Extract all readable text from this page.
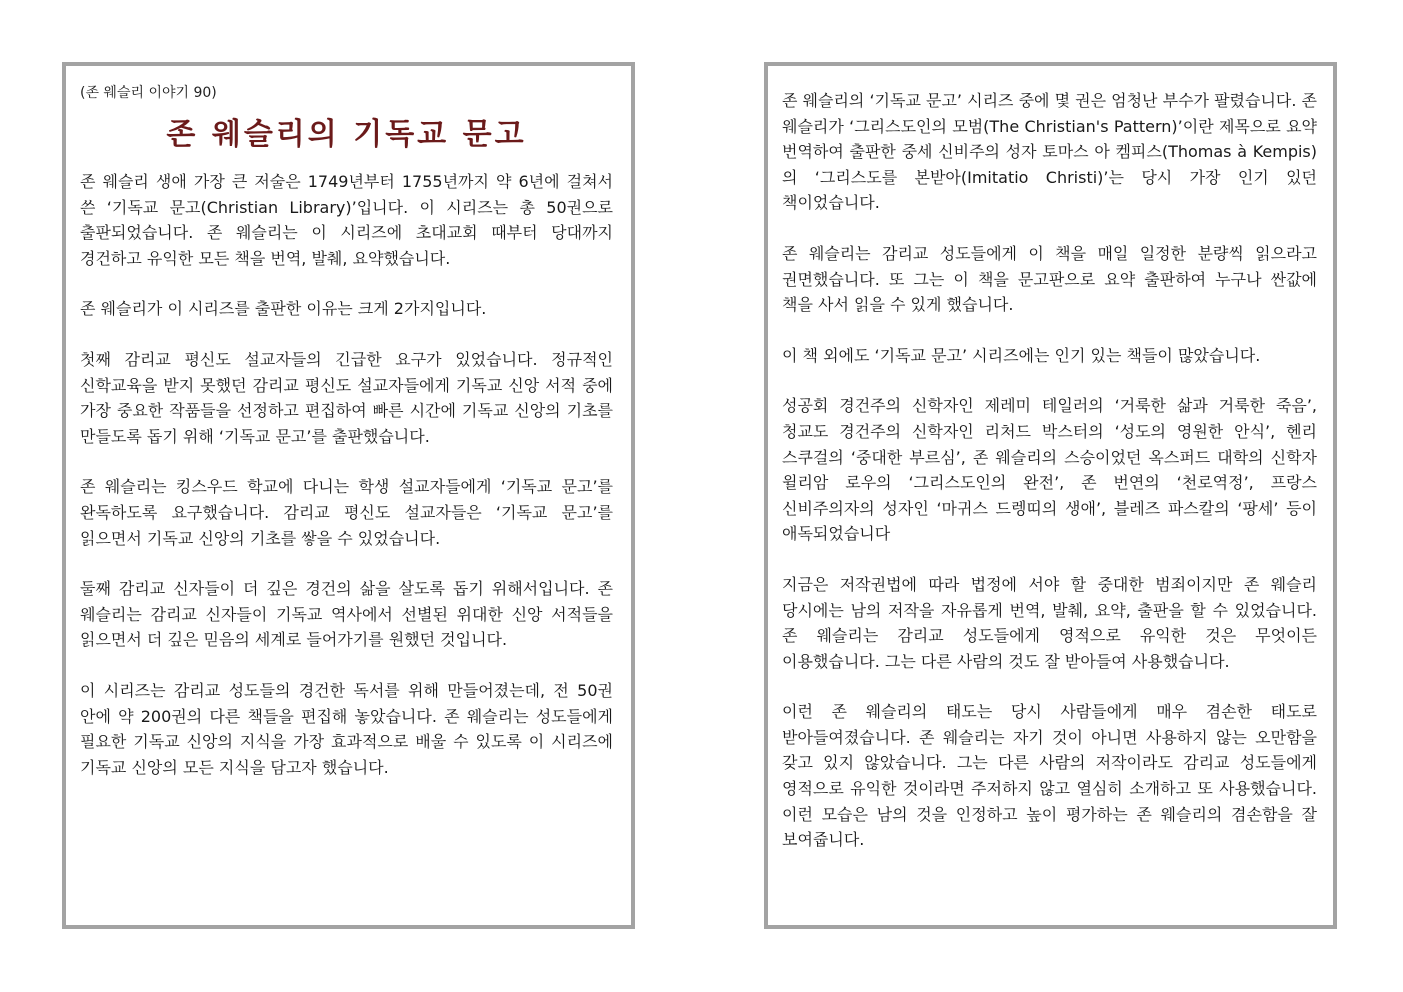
(존 웨슬리 이야기 90)
존 웨슬리의 기독교 문고

존 웨슬리 생애 가장 큰 저술은 1749년부터 1755년까지 약 6년에 걸쳐서 쓴 ‘기독교 문고(Christian Library)’입니다. 이 시리즈는 총 50권으로 출판되었습니다. 존 웨슬리는 이 시리즈에 초대교회 때부터 당대까지 경건하고 유익한 모든 책을 번역, 발췌, 요약했습니다.

존 웨슬리가 이 시리즈를 출판한 이유는 크게 2가지입니다.

첫째 감리교 평신도 설교자들의 긴급한 요구가 있었습니다. 정규적인 신학교육을 받지 못했던 감리교 평신도 설교자들에게 기독교 신앙 서적 중에 가장 중요한 작품들을 선정하고 편집하여 빠른 시간에 기독교 신앙의 기초를 만들도록 돕기 위해 ‘기독교 문고’를 출판했습니다.

존 웨슬리는 킹스우드 학교에 다니는 학생 설교자들에게 ‘기독교 문고’를 완독하도록 요구했습니다. 감리교 평신도 설교자들은 ‘기독교 문고’를 읽으면서 기독교 신앙의 기초를 쌓을 수 있었습니다.

둘째 감리교 신자들이 더 깊은 경건의 삶을 살도록 돕기 위해서입니다. 존 웨슬리는 감리교 신자들이 기독교 역사에서 선별된 위대한 신앙 서적들을 읽으면서 더 깊은 믿음의 세계로 들어가기를 원했던 것입니다.

이 시리즈는 감리교 성도들의 경건한 독서를 위해 만들어졌는데, 전 50권 안에 약 200권의 다른 책들을 편집해 놓았습니다. 존 웨슬리는 성도들에게 필요한 기독교 신앙의 지식을 가장 효과적으로 배울 수 있도록 이 시리즈에 기독교 신앙의 모든 지식을 담고자 했습니다.

존 웨슬리의 ‘기독교 문고’ 시리즈 중에 몇 권은 엄청난 부수가 팔렸습니다. 존 웨슬리가 ‘그리스도인의 모범(The Christian's Pattern)’이란 제목으로 요약 번역하여 출판한 중세 신비주의 성자 토마스 아 켐피스(Thomas à Kempis)의 ‘그리스도를 본받아(Imitatio Christi)’는 당시 가장 인기 있던 책이었습니다.

존 웨슬리는 감리교 성도들에게 이 책을 매일 일정한 분량씩 읽으라고 권면했습니다. 또 그는 이 책을 문고판으로 요약 출판하여 누구나 싼값에 책을 사서 읽을 수 있게 했습니다.

이 책 외에도 ‘기독교 문고’ 시리즈에는 인기 있는 책들이 많았습니다.

성공회 경건주의 신학자인 제레미 테일러의 ‘거룩한 삶과 거룩한 죽음’, 청교도 경건주의 신학자인 리처드 박스터의 ‘성도의 영원한 안식’, 헨리 스쿠걸의 ‘중대한 부르심’, 존 웨슬리의 스승이었던 옥스퍼드 대학의 신학자 윌리암 로우의 ‘그리스도인의 완전’, 존 번연의 ‘천로역정’, 프랑스 신비주의자의 성자인 ‘마귀스 드렝띠의 생애’, 블레즈 파스칼의 ‘팡세’ 등이 애독되었습니다

지금은 저작권법에 따라 법정에 서야 할 중대한 범죄이지만 존 웨슬리 당시에는 남의 저작을 자유롭게 번역, 발췌, 요약, 출판을 할 수 있었습니다. 존 웨슬리는 감리교 성도들에게 영적으로 유익한 것은 무엇이든 이용했습니다. 그는 다른 사람의 것도 잘 받아들여 사용했습니다.

이런 존 웨슬리의 태도는 당시 사람들에게 매우 겸손한 태도로 받아들여졌습니다. 존 웨슬리는 자기 것이 아니면 사용하지 않는 오만함을 갖고 있지 않았습니다. 그는 다른 사람의 저작이라도 감리교 성도들에게 영적으로 유익한 것이라면 주저하지 않고 열심히 소개하고 또 사용했습니다. 이런 모습은 남의 것을 인정하고 높이 평가하는 존 웨슬리의 겸손함을 잘 보여줍니다.
